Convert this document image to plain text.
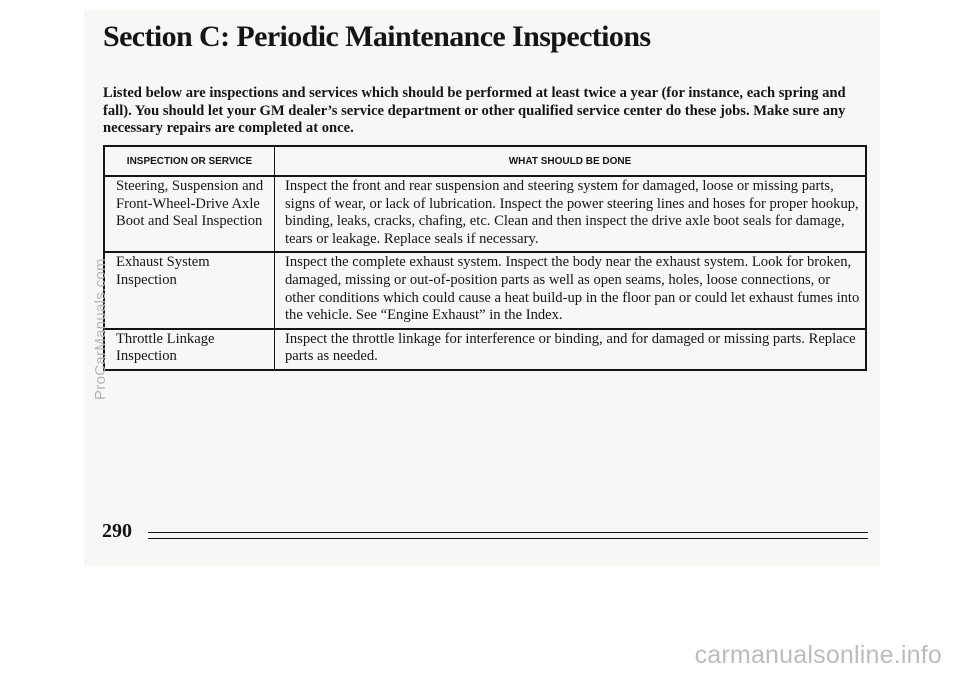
Section C: Periodic Maintenance Inspections

Listed below are inspections and services which should be performed at least twice a year (for instance, each spring and fall). You should let your GM dealer’s service department or other qualified service center do these jobs. Make sure any necessary repairs are completed at once.

INSPECTION OR SERVICE	WHAT SHOULD BE DONE
Steering, Suspension and Front-Wheel-Drive Axle Boot and Seal Inspection	Inspect the front and rear suspension and steering system for damaged, loose or missing parts, signs of wear, or lack of lubrication. Inspect the power steering lines and hoses for proper hookup, binding, leaks, cracks, chafing, etc. Clean and then inspect the drive axle boot seals for damage, tears or leakage. Replace seals if necessary.
Exhaust System Inspection	Inspect the complete exhaust system. Inspect the body near the exhaust system. Look for broken, damaged, missing or out-of-position parts as well as open seams, holes, loose connections, or other conditions which could cause a heat build-up in the floor pan or could let exhaust fumes into the vehicle. See “Engine Exhaust” in the Index.
Throttle Linkage Inspection	Inspect the throttle linkage for interference or binding, and for damaged or missing parts. Replace parts as needed.
290
ProCarManuals.com
carmanualsonline.info
